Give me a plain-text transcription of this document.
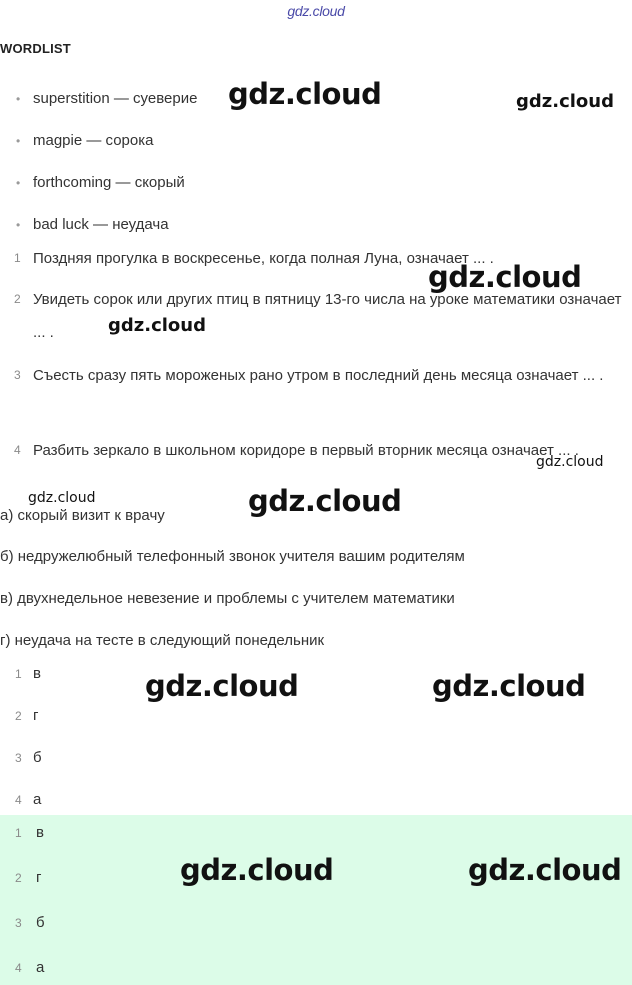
gdz.cloud
WORDLIST
• superstition — суеверие
• magpie — сорока
• forthcoming — скорый
• bad luck — неудача
1 Поздняя прогулка в воскресенье, когда полная Луна, означает ... .
2 Увидеть сорок или других птиц в пятницу 13-го числа на уроке математики означает ... .
3 Съесть сразу пять мороженых рано утром в последний день месяца означает ... .
4 Разбить зеркало в школьном коридоре в первый вторник месяца означает ... .
а) скорый визит к врачу
б) недружелюбный телефонный звонок учителя вашим родителям
в) двухнедельное невезение и проблемы с учителем математики
г) неудача на тесте в следующий понедельник
1 в
2 г
3 б
4 а
1 в
2 г
3 б
4 а
gdz.cloud	gdz.cloud
gdz.cloud
gdz.cloud
gdz.cloud
gdz.cloud	gdz.cloud
gdz.cloud	gdz.cloud
gdz.cloud	gdz.cloud
